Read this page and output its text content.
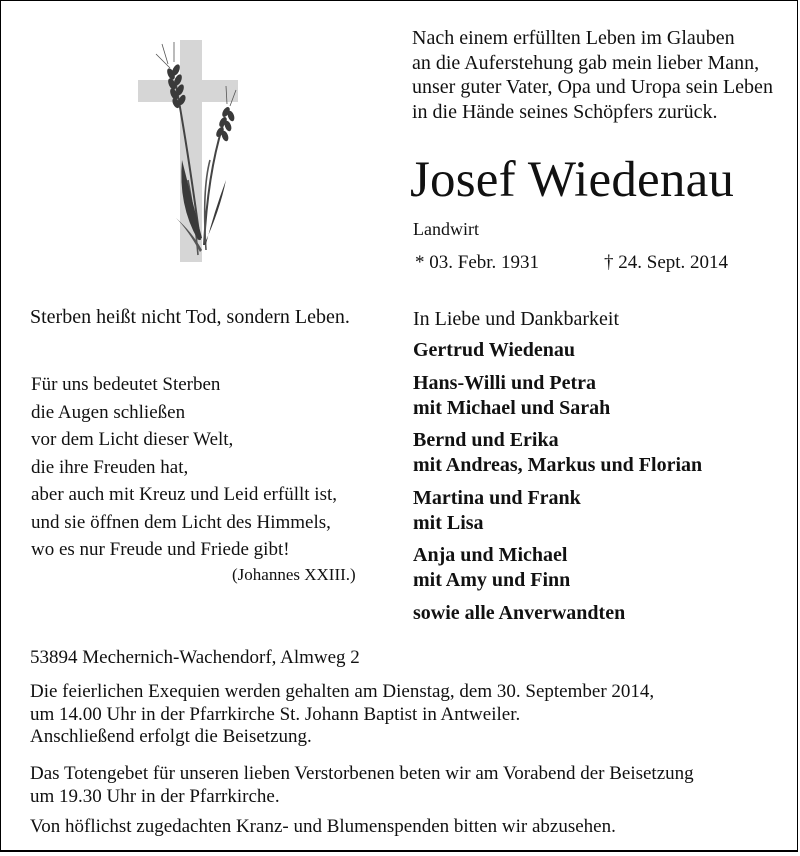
Nach einem erfüllten Leben im Glauben
an die Auferstehung gab mein lieber Mann,
unser guter Vater, Opa und Uropa sein Leben
in die Hände seines Schöpfers zurück.
Josef Wiedenau
Landwirt
* 03. Febr. 1931	† 24. Sept. 2014
Sterben heißt nicht Tod, sondern Leben.
Für uns bedeutet Sterben
die Augen schließen
vor dem Licht dieser Welt,
die ihre Freuden hat,
aber auch mit Kreuz und Leid erfüllt ist,
und sie öffnen dem Licht des Himmels,
wo es nur Freude und Friede gibt!
(Johannes XXIII.)
In Liebe und Dankbarkeit
Gertrud Wiedenau
Hans-Willi und Petra
mit Michael und Sarah
Bernd und Erika
mit Andreas, Markus und Florian
Martina und Frank
mit Lisa
Anja und Michael
mit Amy und Finn
sowie alle Anverwandten
53894 Mechernich-Wachendorf, Almweg 2
Die feierlichen Exequien werden gehalten am Dienstag, dem 30. September 2014,
um 14.00 Uhr in der Pfarrkirche St. Johann Baptist in Antweiler.
Anschließend erfolgt die Beisetzung.
Das Totengebet für unseren lieben Verstorbenen beten wir am Vorabend der Beisetzung
um 19.30 Uhr in der Pfarrkirche.
Von höflichst zugedachten Kranz- und Blumenspenden bitten wir abzusehen.
